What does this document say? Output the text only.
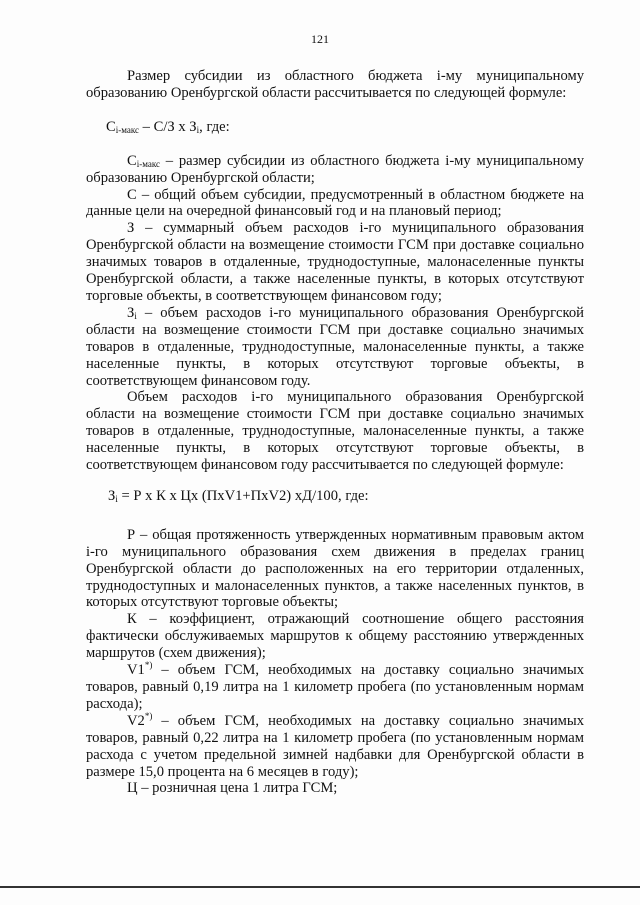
121

Размер субсидии из областного бюджета i-му муниципальному образованию Оренбургской области рассчитывается по следующей формуле:

$С_{i-макс} - С/З$ х $З_i$, где:

$С_{i-макс}$ – размер субсидии из областного бюджета i-му муниципальному образованию Оренбургской области;

С – общий объем субсидии, предусмотренный в областном бюджете на данные цели на очередной финансовый год и на плановый период;

З – суммарный объем расходов i-го муниципального образования Оренбургской области на возмещение стоимости ГСМ при доставке социально значимых товаров в отдаленные, труднодоступные, малонаселенные пункты Оренбургской области, а также населенные пункты, в которых отсутствуют торговые объекты, в соответствующем финансовом году;

$З_i$ – объем расходов i-го муниципального образования Оренбургской области на возмещение стоимости ГСМ при доставке социально значимых товаров в отдаленные, труднодоступные, малонаселенные пункты, а также населенные пункты, в которых отсутствуют торговые объекты, в соответствующем финансовом году.

Объем расходов i-го муниципального образования Оренбургской области на возмещение стоимости ГСМ при доставке социально значимых товаров в отдаленные, труднодоступные, малонаселенные пункты, а также населенные пункты, в которых отсутствуют торговые объекты, в соответствующем финансовом году рассчитывается по следующей формуле:

$З_i = Р$ х К х Цх (ПхV1+ПхV2) хД/100, где:

Р – общая протяженность утвержденных нормативным правовым актом i-го муниципального образования схем движения в пределах границ Оренбургской области до расположенных на его территории отдаленных, труднодоступных и малонаселенных пунктов, а также населенных пунктов, в которых отсутствуют торговые объекты;

К – коэффициент, отражающий соотношение общего расстояния фактически обслуживаемых маршрутов к общему расстоянию утвержденных маршрутов (схем движения);

V1*) – объем ГСМ, необходимых на доставку социально значимых товаров, равный 0,19 литра на 1 километр пробега (по установленным нормам расхода);

V2*) – объем ГСМ, необходимых на доставку социально значимых товаров, равный 0,22 литра на 1 километр пробега (по установленным нормам расхода с учетом предельной зимней надбавки для Оренбургской области в размере 15,0 процента на 6 месяцев в году);

Ц – розничная цена 1 литра ГСМ;
